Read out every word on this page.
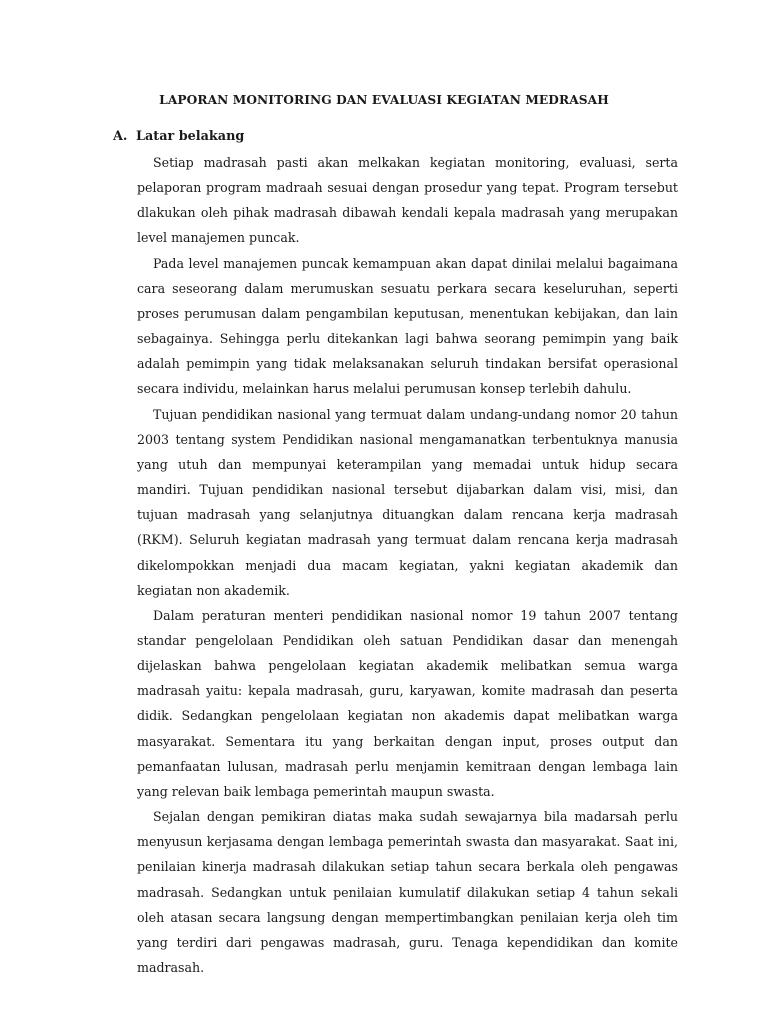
LAPORAN MONITORING DAN EVALUASI KEGIATAN MEDRASAH
A. Latar belakang

Setiap madrasah pasti akan melkakan kegiatan monitoring, evaluasi, serta pelaporan program madraah sesuai dengan prosedur yang tepat. Program tersebut dlakukan oleh pihak madrasah dibawah kendali kepala madrasah yang merupakan level manajemen puncak.

Pada level manajemen puncak kemampuan akan dapat dinilai melalui bagaimana cara seseorang dalam merumuskan sesuatu perkara secara keseluruhan, seperti proses perumusan dalam pengambilan keputusan, menentukan kebijakan, dan lain sebagainya. Sehingga perlu ditekankan lagi bahwa seorang pemimpin yang baik adalah pemimpin yang tidak melaksanakan seluruh tindakan bersifat operasional secara individu, melainkan harus melalui perumusan konsep terlebih dahulu.

Tujuan pendidikan nasional yang termuat dalam undang-undang nomor 20 tahun 2003 tentang system Pendidikan nasional mengamanatkan terbentuknya manusia yang utuh dan mempunyai keterampilan yang memadai untuk hidup secara mandiri. Tujuan pendidikan nasional tersebut dijabarkan dalam visi, misi, dan tujuan madrasah yang selanjutnya dituangkan dalam rencana kerja madrasah (RKM). Seluruh kegiatan madrasah yang termuat dalam rencana kerja madrasah dikelompokkan menjadi dua macam kegiatan, yakni kegiatan akademik dan kegiatan non akademik.

Dalam peraturan menteri pendidikan nasional nomor 19 tahun 2007 tentang standar pengelolaan Pendidikan oleh satuan Pendidikan dasar dan menengah dijelaskan bahwa pengelolaan kegiatan akademik melibatkan semua warga madrasah yaitu: kepala madrasah, guru, karyawan, komite madrasah dan peserta didik. Sedangkan pengelolaan kegiatan non akademis dapat melibatkan warga masyarakat. Sementara itu yang berkaitan dengan input, proses output dan pemanfaatan lulusan, madrasah perlu menjamin kemitraan dengan lembaga lain yang relevan baik lembaga pemerintah maupun swasta.

Sejalan dengan pemikiran diatas maka sudah sewajarnya bila madarsah perlu menyusun kerjasama dengan lembaga pemerintah swasta dan masyarakat. Saat ini, penilaian kinerja madrasah dilakukan setiap tahun secara berkala oleh pengawas madrasah. Sedangkan untuk penilaian kumulatif dilakukan setiap 4 tahun sekali oleh atasan secara langsung dengan mempertimbangkan penilaian kerja oleh tim yang terdiri dari pengawas madrasah, guru. Tenaga kependidikan dan komite madrasah.
